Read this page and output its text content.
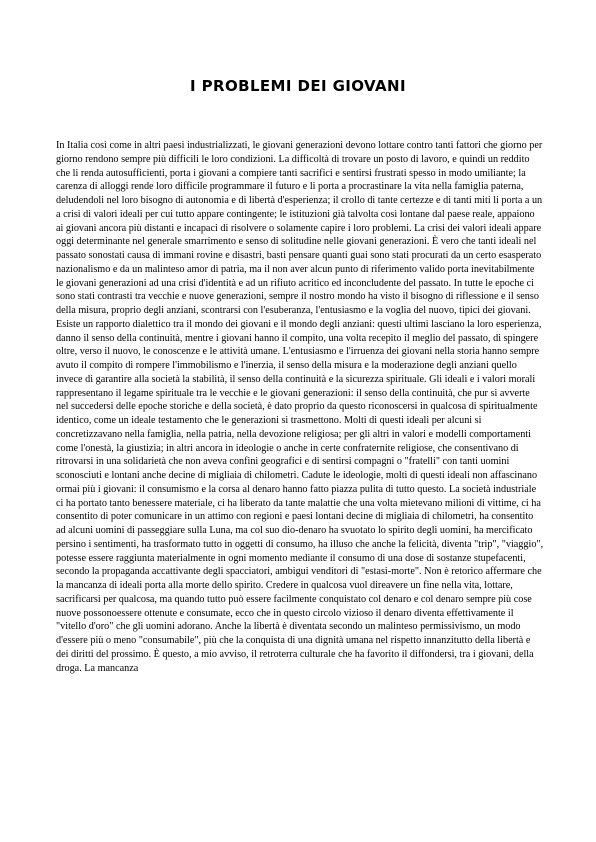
I PROBLEMI DEI GIOVANI

In Italia così come in altri paesi industrializzati, le giovani generazioni devono lottare contro tanti fattori che giorno per giorno rendono sempre più difficili le loro condizioni. La difficoltà di trovare un posto di lavoro, e quindi un reddito che li renda autosufficienti, porta i giovani a compiere tanti sacrifici e sentirsi frustrati spesso in modo umiliante; la carenza di alloggi rende loro difficile programmare il futuro e li porta a procrastinare la vita nella famiglia paterna, deludendoli nel loro bisogno di autonomia e di libertà d'esperienza; il crollo di tante certezze e di tanti miti li porta a un a crisi di valori ideali per cui tutto appare contingente; le istituzioni già talvolta così lontane dal paese reale, appaiono ai giovani ancora più distanti e incapaci di risolvere o solamente capire i loro problemi. La crisi dei valori ideali appare oggi determinante nel generale smarrimento e senso di solitudine nelle giovani generazioni. È vero che tanti ideali nel passato sonostati causa di immani rovine e disastri, basti pensare quanti guai sono stati procurati da un certo esasperato nazionalismo e da un malinteso amor di patria, ma il non aver alcun punto di riferimento valido porta inevitabilmente le giovani generazioni ad una crisi d'identità e ad un rifiuto acritico ed inconcludente del passato. In tutte le epoche ci sono stati contrasti tra vecchie e nuove generazioni, sempre il nostro mondo ha visto il bisogno di riflessione e il senso della misura, proprio degli anziani, scontrarsi con l'esuberanza, l'entusiasmo e la voglia del nuovo, tipici dei giovani. Esiste un rapporto dialettico tra il mondo dei giovani e il mondo degli anziani: questi ultimi lasciano la loro esperienza, danno il senso della continuità, mentre i giovani hanno il compito, una volta recepito il meglio del passato, di spingere oltre, verso il nuovo, le conoscenze e le attività umane. L'entusiasmo e l'irruenza dei giovani nella storia hanno sempre avuto il compito di rompere l'immobilismo e l'inerzia, il senso della misura e la moderazione degli anziani quello invece di garantire alla società la stabilità, il senso della continuità e la sicurezza spirituale. Gli ideali e i valori morali rappresentano il legame spirituale tra le vecchie e le giovani generazioni: il senso della continuità, che pur si avverte nel succedersi delle epoche storiche e della società, è dato proprio da questo riconoscersi in qualcosa di spiritualmente identico, come un ideale testamento che le generazioni si trasmettono. Molti di questi ideali per alcuni si concretizzavano nella famiglia, nella patria, nella devozione religiosa; per gli altri in valori e modelli comportamenti come l'onestà, la giustizia; in altri ancora in ideologie o anche in certe confraternite religiose, che consentivano di ritrovarsi in una solidarietà che non aveva confini geografici e di sentirsi compagni o "fratelli" con tanti uomini sconosciuti e lontani anche decine di migliaia di chilometri. Cadute le ideologie, molti di questi ideali non affascinano ormai più i giovani: il consumismo e la corsa al denaro hanno fatto piazza pulita di tutto questo. La società industriale ci ha portato tanto benessere materiale, ci ha liberato da tante malattie che una volta mietevano milioni di vittime, ci ha consentito di poter comunicare in un attimo con regioni e paesi lontani decine di migliaia di chilometri, ha consentito ad alcuni uomini di passeggiare sulla Luna, ma col suo dio-denaro ha svuotato lo spirito degli uomini, ha mercificato persino i sentimenti, ha trasformato tutto in oggetti di consumo, ha illuso che anche la felicità, diventa "trip", "viaggio", potesse essere raggiunta materialmente in ogni momento mediante il consumo di una dose di sostanze stupefacenti, secondo la propaganda accattivante degli spacciatori, ambigui venditori di "estasi-morte". Non è retorico affermare che la mancanza di ideali porta alla morte dello spirito. Credere in qualcosa vuol direavere un fine nella vita, lottare, sacrificarsi per qualcosa, ma quando tutto può essere facilmente conquistato col denaro e col denaro sempre più cose nuove possonoessere ottenute e consumate, ecco che in questo circolo vizioso il denaro diventa effettivamente il "vitello d'oro" che gli uomini adorano. Anche la libertà è diventata secondo un malinteso permissivismo, un modo d'essere più o meno "consumabile", più che la conquista di una dignità umana nel rispetto innanzitutto della libertà e dei diritti del prossimo. È questo, a mio avviso, il retroterra culturale che ha favorito il diffondersi, tra i giovani, della droga. La mancanza
